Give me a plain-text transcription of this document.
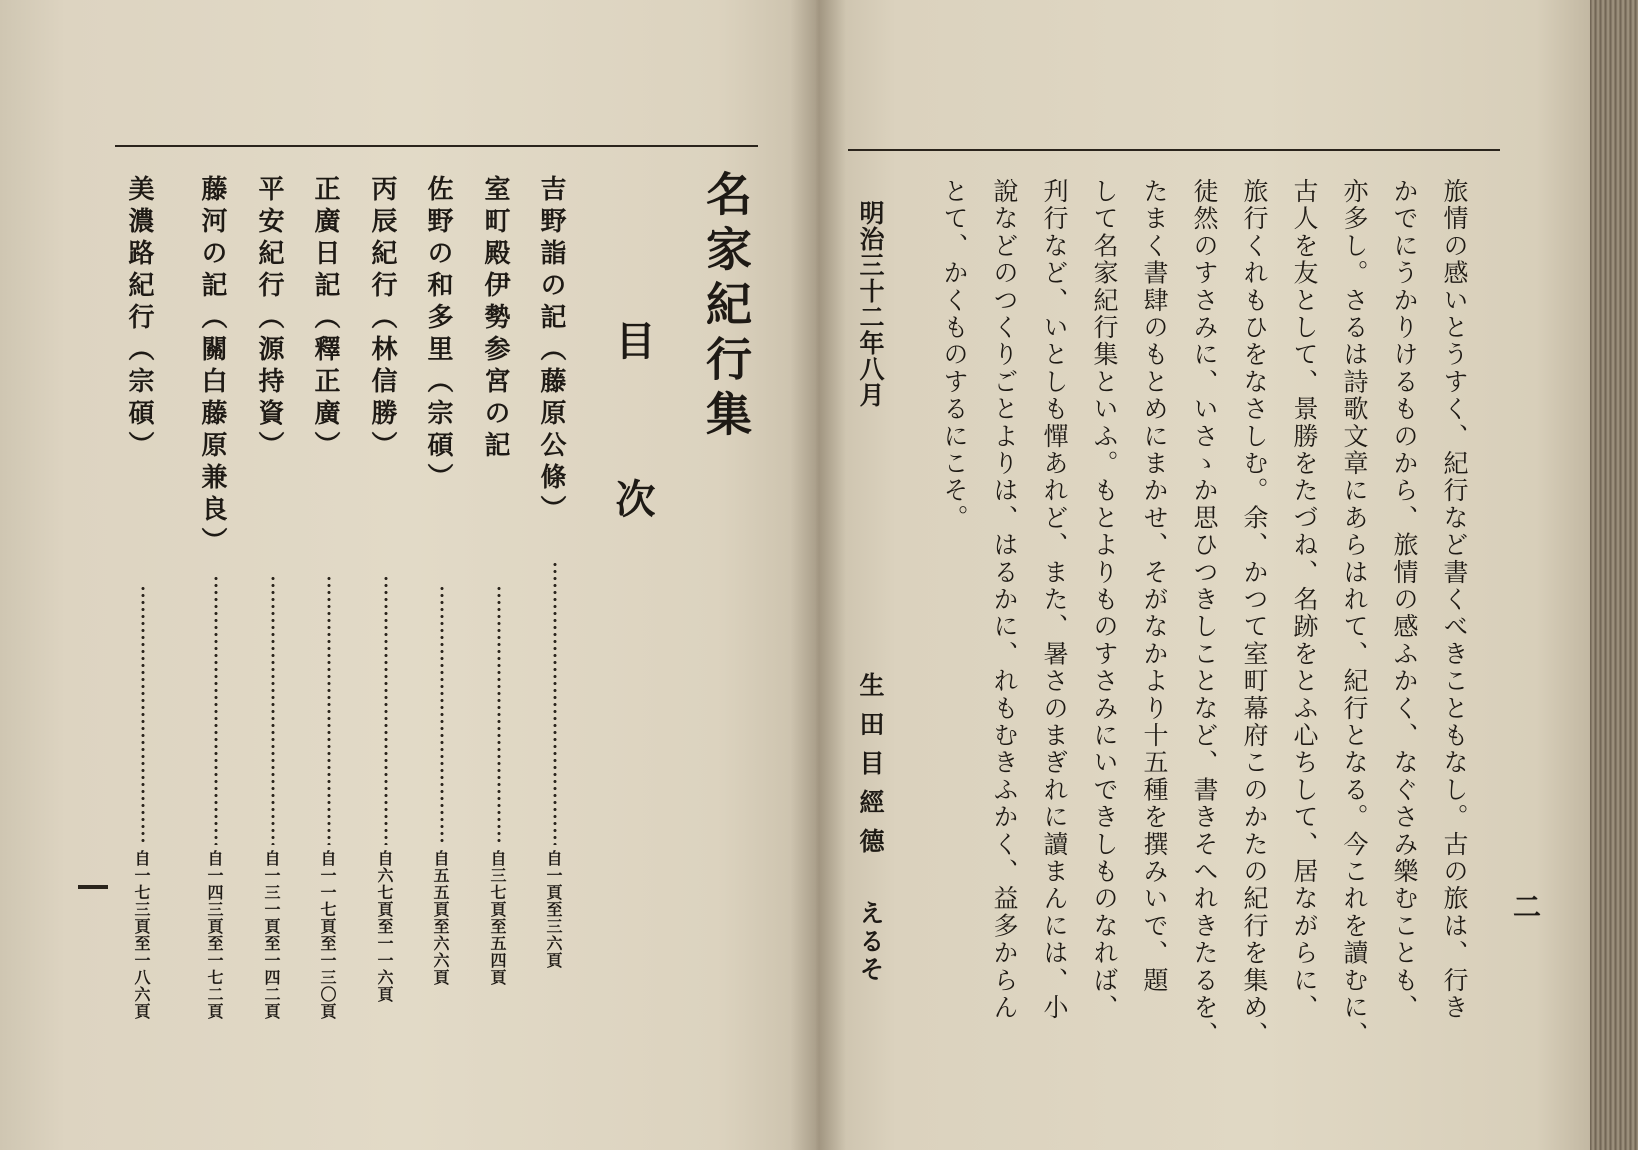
名家紀行集
目次
吉野詣の記（藤原公條）
自一頁至三六頁
室町殿伊勢参宮の記
自三七頁至五四頁
佐野の和多里（宗碩）
自五五頁至六六頁
丙辰紀行（林信勝）
自六七頁至一一六頁
正廣日記（釋正廣）
自一一七頁至一三〇頁
平安紀行（源持資）
自一三一頁至一四二頁
藤河の記（關白藤原兼良）
自一四三頁至一七二頁
美濃路紀行（宗碩）
自一七三頁至一八六頁	旅情の感いとうすく、紀行など書くべきこともなし。古の旅は、行き
かでにうかりけるものから、旅情の感ふかく、なぐさみ樂むことも、
亦多し。さるは詩歌文章にあらはれて、紀行となる。今これを讀むに、
古人を友として、景勝をたづね、名跡をとふ心ちして、居ながらに、
旅行くれもひをなさしむ。余、かつて室町幕府このかたの紀行を集め、
徒然のすさみに、いさゝか思ひつきしことなど、書きそへれきたるを、
たまく書肆のもとめにまかせ、そがなかより十五種を撰みいで、題
して名家紀行集といふ。もとよりものすさみにいできしものなれば、
刋行など、いとしも憚あれど、また、暑さのまぎれに讀まんには、小
說などのつくりごとよりは、はるかに、れもむきふかく、益多からん
とて、かくものするにこそ。
明治三十二年八月
生田目經德
えるそ	二
